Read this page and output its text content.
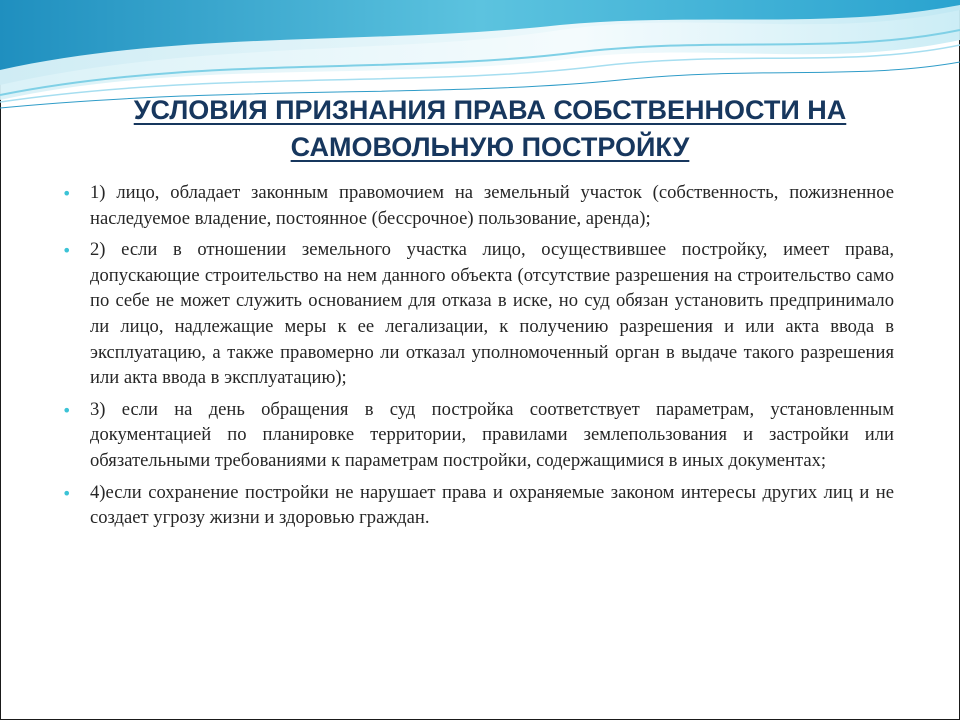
УСЛОВИЯ ПРИЗНАНИЯ ПРАВА СОБСТВЕННОСТИ НА САМОВОЛЬНУЮ ПОСТРОЙКУ
• 1) лицо, обладает законным правомочием на земельный участок (собственность, пожизненное наследуемое владение, постоянное (бессрочное) пользование, аренда);
• 2) если в отношении земельного участка лицо, осуществившее постройку, имеет права, допускающие строительство на нем данного объекта (отсутствие разрешения на строительство само по себе не может служить основанием для отказа в иске, но суд обязан установить предпринимало ли лицо, надлежащие меры к ее легализации, к получению разрешения и или акта ввода в эксплуатацию, а также правомерно ли отказал уполномоченный орган в выдаче такого разрешения или акта ввода в эксплуатацию);
• 3) если на день обращения в суд постройка соответствует параметрам, установленным документацией по планировке территории, правилами землепользования и застройки или обязательными требованиями к параметрам постройки, содержащимися в иных документах;
• 4)если сохранение постройки не нарушает права и охраняемые законом интересы других лиц и не создает угрозу жизни и здоровью граждан.
